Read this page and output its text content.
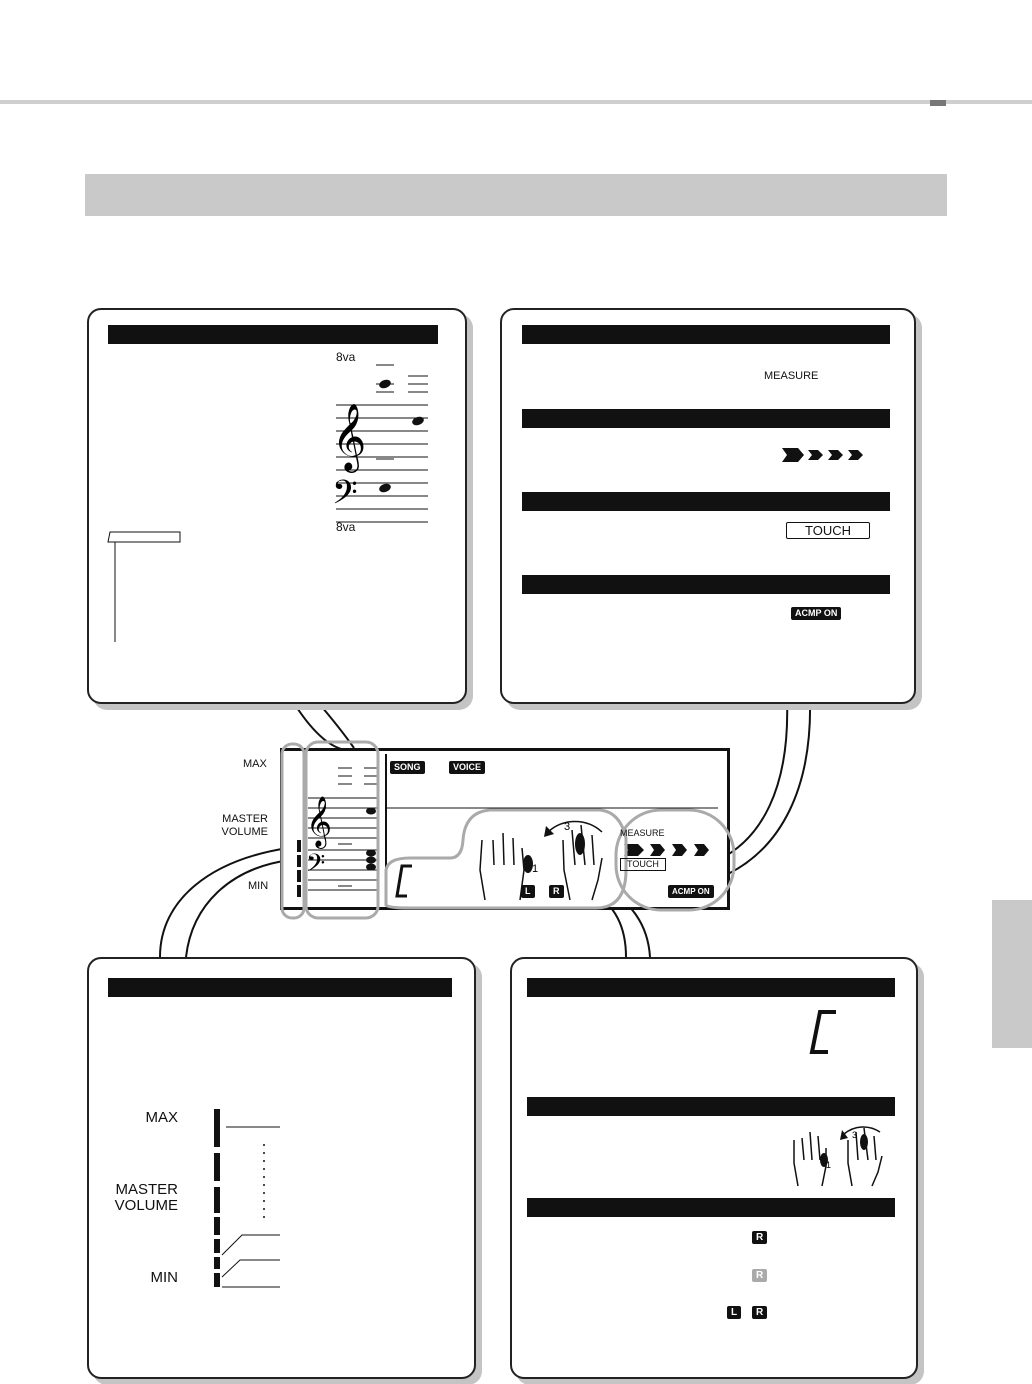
8va
8va
𝄞
𝄢
MEASURE
TOUCH
ACMP ON
MAX
MASTER
VOLUME
MIN
𝄞
𝄢	1
3
SONG	VOICE
MEASURE
TOUCH
ACMP ON
L	R
MAX
MASTER
VOLUME
MIN
1
3
R
R
L	R
